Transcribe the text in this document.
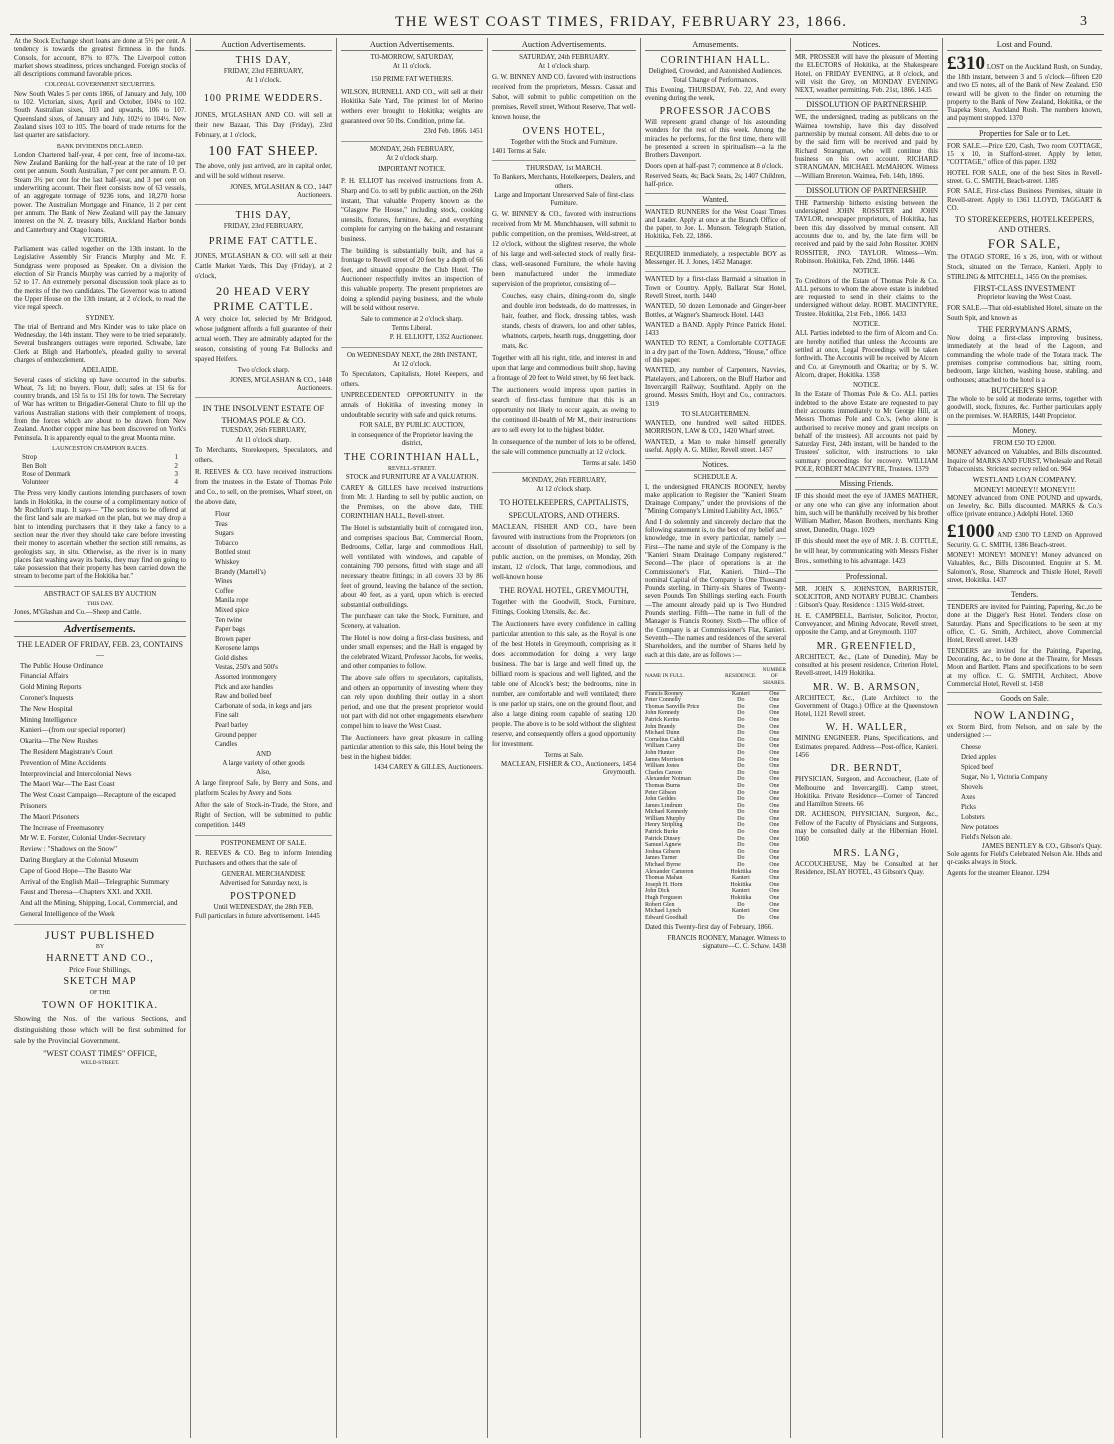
THE WEST COAST TIMES, FRIDAY, FEBRUARY 23, 1866.	3

At the Stock Exchange short loans are done at 5½ per cent. A tendency is towards the greatest firmness in the funds. Consols, for account, 87¾ to 87⅞. The Liverpool cotton market shows steadiness, prices unchanged. Foreign stocks of all descriptions command favorable prices.

COLONIAL GOVERNMENT SECURITIES.

New South Wales 5 per cents 1866, of January and July, 100 to 102. Victorian, sixes, April and October, 104¼ to 102. South Australian sixes, 103 and upwards, 106 to 107. Queensland sixes, of January and July, 102½ to 104½. New Zealand sixes 103 to 105. The board of trade returns for the last quarter are satisfactory.

BANK DIVIDENDS DECLARED.

London Chartered half-year, 4 per cent, free of income-tax. New Zealand Banking for the half-year at the rate of 10 per cent per annum. South Australian, 7 per cent per annum. P. O. Steam 3½ per cent for the last half-year, and 3 per cent on underwriting account. Their fleet consists now of 63 vessels, of an aggregate tonnage of 9236 tons, and 18,270 horse power. The Australian Mortgage and Finance, 1l 2 per cent per annum. The Bank of New Zealand will pay the January interest on the N. Z. treasury bills, Auckland Harbor bonds and Canterbury and Otago loans.

VICTORIA.

Parliament was called together on the 13th instant. In the Legislative Assembly Sir Francis Murphy and Mr. F. Sundgrass were proposed as Speaker. On a division the election of Sir Francis Murphy was carried by a majority of 52 to 17. An extremely personal discussion took place as to the merits of the two candidates. The Governor was to attend the Upper House on the 13th instant, at 2 o'clock, to read the vice regal speech.

SYDNEY.

The trial of Bertrand and Mrs Kinder was to take place on Wednesday, the 14th instant. They were to be tried separately. Several bushrangers outrages were reported. Schwabe, late Clerk at Bligh and Harbottle's, pleaded guilty to several charges of embezzlement.

ADELAIDE.

Several cases of sticking up have occurred in the suburbs. Wheat, 7s 1d; no buyers. Flour, dull; sales at 15l 6s for country brands, and 15l 5s to 15l 10s for town. The Secretary of War has written to Brigadier-General Chute to fill up the various Australian stations with their complement of troops, from the forces which are about to be drawn from New Zealand. Another copper mine has been discovered on York's Peninsula. It is apparently equal to the great Moonta mine.

LAUNCESTON CHAMPION RACES.
Strop	1
Ben Bolt	2
Rose of Denmark	3
Volunteer	4

The Press very kindly cautions intending purchasers of town lands in Hokitika, in the course of a complimentary notice of Mr Rochfort's map. It says— "The sections to be offered at the first land sale are marked on the plan, but we may drop a hint to intending purchasers that it they take a fancy to a section near the river they should take care before investing their money to ascertain whether the section still remains, as geologists say, in situ. Otherwise, as the river is in many places fast washing away its banks, they may find on going to take possession that their property has been carried down the stream to become part of the Hokitika bar."

ABSTRACT OF SALES BY AUCTION
THIS DAY.

Jones, M'Glashan and Co.—Sheep and Cattle.

Advertisements.
THE LEADER OF FRIDAY, FEB. 23, CONTAINS—
The Public House Ordinance
Financial Affairs
Gold Mining Reports
Coroner's Inquests
The New Hospital
Mining Intelligence
Kanieri—(from our special reporter)
Okarita—The New Rushes
The Resident Magistrate's Court
Prevention of Mine Accidents
Interprovincial and Intercolonial News
The Maori War—The East Coast
The West Coast Campaign—Recapture of the escaped Prisoners
The Maori Prisoners
The Increase of Freemasonry
Mr W. E. Forster, Colonial Under-Secretary
Review : "Shadows on the Snow"
Daring Burglary at the Colonial Museum
Cape of Good Hope—The Basuto War
Arrival of the English Mail—Telegraphic Summary
Faust and Theresa—Chapters XXI. and XXII.
And all the Mining, Shipping, Local, Commercial, and General Intelligence of the Week
JUST PUBLISHED
BY
HARNETT AND CO.,
Price Four Shillings,
SKETCH MAP
OF THE
TOWN OF HOKITIKA.

Showing the Nos. of the various Sections, and distinguishing those which will be first submitted for sale by the Provincial Government.

"WEST COAST TIMES" OFFICE,
WELD-STREET.
Auction Advertisements.
THIS DAY,
FRIDAY, 23rd FEBRUARY,
At 1 o'clock.
100 PRIME WEDDERS.

JONES, M'GLASHAN AND CO. will sell at their new Bazaar, This Day (Friday), 23rd February, at 1 o'clock,

100 FAT SHEEP.

The above, only just arrived, are in capital order, and will be sold without reserve.

JONES, M'GLASHAN & CO., 1447 Auctioneers.
THIS DAY,
FRIDAY, 23rd FEBRUARY,
PRIME FAT CATTLE.

JONES, M'GLASHAN & CO. will sell at their Cattle Market Yards, This Day (Friday), at 2 o'clock,

20 HEAD VERY PRIME CATTLE.

A very choice lot, selected by Mr Bridgood, whose judgment affords a full guarantee of their actual worth. They are admirably adapted for the season, consisting of young Fat Bullocks and spayed Heifers.

Two o'clock sharp.
JONES, M'GLASHAN & CO., 1448 Auctioneers.
IN THE INSOLVENT ESTATE OF THOMAS POLE & CO.
TUESDAY, 26th FEBRUARY,
At 11 o'clock sharp.

To Merchants, Storekeepers, Speculators, and others.

R. REEVES & CO. have received instructions from the trustees in the Estate of Thomas Pole and Co., to sell, on the premises, Wharf street, on the above date,

Flour
Teas
Sugars
Tobacco
Bottled stout
Whiskey
Brandy (Martell's)
Wines
Coffee
Manila rope
Mixed spice
Ten twine
Paper bags
Brown paper
Kerosene lamps
Gold dishes
Vestas, 250's and 500's
Assorted ironmongery
Pick and axe handles
Raw and boiled beef
Carbonate of soda, in kegs and jars
Fine salt
Pearl barley
Ground pepper
Candles
AND
A large variety of other goods
Also,

A large fireproof Safe, by Berry and Sons, and platform Scales by Avery and Sons

After the sale of Stock-in-Trade, the Store, and Right of Section, will be submitted to public competition. 1449

POSTPONEMENT OF SALE.

R. REEVES & CO. Beg to inform Intending Purchasers and others that the sale of

GENERAL MERCHANDISE
Advertised for Saturday next, is
POSTPONED
Until WEDNESDAY, the 28th FEB.
Full particulars in future advertisement. 1445
Auction Advertisements.
TO-MORROW, SATURDAY,
At 11 o'clock.
150 PRIME FAT WETHERS.

WILSON, BURNELL AND CO., will sell at their Hokitika Sale Yard, The primest lot of Merino wethers ever brought to Hokitika; weights are guaranteed over 50 lbs. Condition, prime fat.

23rd Feb. 1866. 1451
MONDAY, 26th FEBRUARY,
At 2 o'clock sharp.
IMPORTANT NOTICE.

P. H. ELLIOT has received instructions from A. Sharp and Co. to sell by public auction, on the 26th instant, That valuable Property known as the "Glasgow Pie House," including stock, cooking utensils, fixtures, furniture, &c., and everything complete for carrying on the baking and restaurant business.

The building is substantially built, and has a frontage to Revell street of 20 feet by a depth of 66 feet, and situated opposite the Club Hotel. The Auctioneer respectfully invites an inspection of this valuable property. The present proprietors are doing a splendid paying business, and the whole will be sold without reserve.

Sale to commence at 2 o'clock sharp.
Terms Liberal.
P. H. ELLIOTT, 1352 Auctioneer.
On WEDNESDAY NEXT, the 28th INSTANT,
At 12 o'clock.

To Speculators, Capitalists, Hotel Keepers, and others.

UNPRECEDENTED OPPORTUNITY in the annals of Hokitika of investing money in undoubtable security with safe and quick returns.

FOR SALE, BY PUBLIC AUCTION,
in consequence of the Proprietor leaving the district,
THE CORINTHIAN HALL,
REVELL-STREET.
STOCK and FURNITURE AT A VALUATION.

CAREY & GILLES have received instructions from Mr. J. Harding to sell by public auction, on the Premises, on the above date, THE CORINTHIAN HALL, Revell-street.

The Hotel is substantially built of corrugated iron, and comprises spacious Bar, Commercial Room, Bedrooms, Cellar, large and commodious Hall, well ventilated with windows, and capable of containing 700 persons, fitted with stage and all necessary theatre fittings; in all covers 33 by 86 feet of ground, leaving the balance of the section, about 40 feet, as a yard, upon which is erected substantial outbuildings.

The purchaser can take the Stock, Furniture, and Scenery, at valuation.

The Hotel is now doing a first-class business, and under small expenses; and the Hall is engaged by the celebrated Wizard, Professor Jacobs, for weeks, and other companies to follow.

The above sale offers to speculators, capitalists, and others an opportunity of investing where they can rely upon doubling their outlay in a short period, and one that the present proprietor would not part with did not other engagements elsewhere compel him to leave the West Coast.

The Auctioneers have great pleasure in calling particular attention to this sale, this Hotel being the best in the highest bidder.

1434 CAREY & GILLES, Auctioneers.
Auction Advertisements.
SATURDAY, 24th FEBRUARY.
At 1 o'clock sharp.

G. W. BINNEY AND CO. favored with instructions received from the proprietors, Messrs. Cassat and Sabot, will submit to public competition on the premises, Revell street, Without Reserve, That well-known house, the

OVENS HOTEL,
Together with the Stock and Furniture.
1401 Terms at Sale.
THURSDAY, 1st MARCH.
To Bankers, Merchants, Hotelkeepers, Dealers, and others.
Large and Important Unreserved Sale of first-class Furniture.

G. W. BINNEY & CO., favored with instructions received from Mr M. Munchhausen, will submit to public competition, on the premises, Weld-street, at 12 o'clock, without the slightest reserve, the whole of his large and well-selected stock of really first-class, well-seasoned Furniture, the whole having been manufactured under the immediate supervision of the proprietor, consisting of—

Couches, easy chairs, dining-room do, single and double iron bedsteads, do do mattresses, in hair, feather, and flock, dressing tables, wash stands, chests of drawers, loo and other tables, whatnots, carpets, hearth rugs, druggetting, door mats, &c.

Together with all his right, title, and interest in and upon that large and commodious built shop, having a frontage of 20 feet to Weld street, by 66 feet back.

The auctioneers would impress upon parties in search of first-class furniture that this is an opportunity not likely to occur again, as owing to the continued ill-health of Mr M., their instructions are to sell every lot to the highest bidder.

In consequence of the number of lots to be offered, the sale will commence punctually at 12 o'clock.

Terms at sale. 1450
MONDAY, 26th FEBRUARY,
At 12 o'clock sharp.
TO HOTELKEEPERS, CAPITALISTS, SPECULATORS, AND OTHERS.

MACLEAN, FISHER AND CO., have been favoured with instructions from the Proprietors (on account of dissolution of partnership) to sell by public auction, on the premises, on Monday, 26th instant, 12 o'clock, That large, commodious, and well-known house

THE ROYAL HOTEL, GREYMOUTH,

Together with the Goodwill, Stock, Furniture, Fittings, Cooking Utensils, &c. &c.

The Auctioneers have every confidence in calling particular attention to this sale, as the Royal is one of the best Hotels in Greymouth, comprising as it does accommodation for doing a very large business. The bar is large and well fitted up, the billiard room is spacious and well lighted, and the table one of Alcock's best; the bedrooms, nine in number, are comfortable and well ventilated; there is one parlor up stairs, one on the ground floor, and also a large dining room capable of seating 120 people. The above is to be sold without the slightest reserve, and consequently offers a good opportunity for investment.

Terms at Sale.
MACLEAN, FISHER & CO., Auctioneers, 1454 Greymouth.
Amusements.
CORINTHIAN HALL.
Delighted, Crowded, and Astonished Audiences.
Total Change of Performances.

This Evening, THURSDAY, Feb. 22, And every evening during the week,

PROFESSOR JACOBS

Will represent grand change of his astounding wonders for the rest of this week. Among the miracles he performs, for the first time, there will be presented a screen in spiritualism—a la the Brothers Davenport.

Doors open at half-past 7; commence at 8 o'clock.

Reserved Seats, 4s; Back Seats, 2s; 1407 Children, half-price.

Wanted.

WANTED RUNNERS for the West Coast Times and Leader. Apply at once at the Branch Office of the paper, to Joe. L. Munson. Telegraph Station, Hokitika, Feb. 22, 1866.

REQUIRED immediately, a respectable BOY as Messenger. H. J. Jones, 1452 Manager.

WANTED by a first-class Barmaid a situation in Town or Country. Apply, Ballarat Star Hotel, Revell Street, north. 1440

WANTED, 50 dozen Lemonade and Ginger-beer Bottles, at Wagner's Shamrock Hotel. 1443

WANTED a BAND. Apply Prince Patrick Hotel. 1433

WANTED TO RENT, a Comfortable COTTAGE in a dry part of the Town. Address, "House," office of this paper.

WANTED, any number of Carpenters, Navvies, Platelayers, and Laborers, on the Bluff Harbor and Invercargill Railway, Southland. Apply on the ground. Messrs Smith, Hoyt and Co., contractors. 1319

TO SLAUGHTERMEN.

WANTED, one hundred well salted HIDES. MORRISON, LAW & CO., 1420 Wharf street.

WANTED, a Man to make himself generally useful. Apply A. G. Miller, Revell street. 1457

Notices.
SCHEDULE A.

I, the undersigned FRANCIS ROONEY, hereby make application to Register the "Kanieri Steam Drainage Company," under the provisions of the "Mining Company's Limited Liability Act, 1865."

And I do solemnly and sincerely declare that the following statement is, to the best of my belief and knowledge, true in every particular, namely :— First—The name and style of the Company is the "Kanieri Steam Drainage Company registered." Second—The place of operations is at the Commissioner's Flat, Kanieri. Third—The nominal Capital of the Company is One Thousand Pounds sterling, in Thirty-six Shares of Twenty-seven Pounds Ten Shillings sterling each. Fourth—The amount already paid up is Two Hundred Pounds sterling. Fifth—The name in full of the Manager is Francis Rooney. Sixth—The office of the Company is at Commissioner's Flat, Kanieri. Seventh—The names and residences of the several Shareholders, and the number of Shares held by each at this date, are as follows :—

NAME IN FULL.	RESIDENCE.	NUMBER OF SHARES.
Francis Rooney	Kanieri	One
Peter Connelly	Do	One
Thomas Sanville Price	Do	One
John Kennedy	Do	One
Patrick Kerins	Do	One
John Brandy	Do	One
Michael Dunn	Do	One
Cornelius Cahill	Do	One
William Carey	Do	One
John Hunter	Do	One
James Morrison	Do	One
William Jones	Do	One
Charles Carson	Do	One
Alexander Notman	Do	One
Thomas Burns	Do	One
Peter Gibson	Do	One
John Geddes	Do	One
James Lindrum	Do	One
Michael Kennedy	Do	One
William Murphy	Do	One
Henry Stripling	Do	One
Patrick Burke	Do	One
Patrick Dinsey	Do	One
Samuel Agnew	Do	One
Joshua Gibson	Do	One
James Turner	Do	One
Michael Byrne	Do	One
Alexander Cameron	Hokitika	One
Thomas Mahan	Kanieri	One
Joseph H. Horn	Hokitika	One
John Dick	Kanieri	One
Hugh Ferguson	Hokitika	One
Robert Glen	Do	One
Michael Lynch	Kanieri	One
Edward Goodhall	Do	One

Dated this Twenty-first day of February, 1866.

FRANCIS ROONEY, Manager. Witness to signature—C. C. Schaw. 1438
Notices.

MR. PROSSER will have the pleasure of Meeting the ELECTORS of Hokitika, at the Shakespeare Hotel, on FRIDAY EVENING, at 8 o'clock, and will visit the Grey, on MONDAY EVENING NEXT, weather permitting. Feb. 21st, 1866. 1435

DISSOLUTION OF PARTNERSHIP.

WE, the undersigned, trading as publicans on the Waimea township, have this day dissolved partnership by mutual consent. All debts due to or by the said firm will be received and paid by Richard Strangman, who will continue this business on his own account. RICHARD STRANGMAN, MICHAEL McMAHON. Witness—William Brereton. Waimea, Feb. 14th, 1866.

DISSOLUTION OF PARTNERSHIP.

THE Partnership hitherto existing between the undersigned JOHN ROSSITER and JOHN TAYLOR, newspaper proprietors, of Hokitika, has been this day dissolved by mutual consent. All accounts due to, and by, the late firm will be received and paid by the said John Rossiter. JOHN ROSSITER, JNO. TAYLOR. Witness—Wm. Robinson. Hokitika, Feb. 22nd, 1866. 1446

NOTICE.

To Creditors of the Estate of Thomas Pole & Co. ALL persons to whom the above estate is indebted are requested to send in their claims to the undersigned without delay. ROBT. MACINTYRE, Trustee. Hokitika, 21st Feb., 1866. 1433

NOTICE.

ALL Parties indebted to the firm of Alcorn and Co. are hereby notified that unless the Accounts are settled at once, Legal Proceedings will be taken forthwith. The Accounts will be received by Alcorn and Co. at Greymouth and Okarita; or by S. W. Alcorn, draper, Hokitika. 1358

NOTICE.

In the Estate of Thomas Pole & Co. ALL parties indebted to the above Estate are requested to pay their accounts immediately to Mr George Hill, at Messrs Thomas Pole and Co.'s, (who alone is authorised to receive money and grant receipts on behalf of the trustees). All accounts not paid by Saturday First, 24th instant, will be handed to the Trustees' solicitor, with instructions to take summary proceedings for recovery. WILLIAM POLE, ROBERT MACINTYRE, Trustees. 1379

Missing Friends.

IF this should meet the eye of JAMES MATHER, or any one who can give any information about him, such will be thankfully received by his brother William Mather, Mason Brothers, merchants King street, Dunedin, Otago. 1029

IF this should meet the eye of MR. J. B. COTTLE, he will hear, by communicating with Messrs Fisher Bros., something to his advantage. 1423

Professional.

MR. JOHN S. JOHNSTON, BARRISTER, SOLICITOR, AND NOTARY PUBLIC. Chambers : Gibson's Quay. Residence : 1315 Weld-street.

H. E. CAMPBELL, Barrister, Solicitor, Proctor, Conveyancer, and Mining Advocate, Revell street, opposite the Camp, and at Greymouth. 1107

MR. GREENFIELD,

ARCHITECT, &c., (Late of Dunedin), May be consulted at his present residence, Criterion Hotel, Revell-street, 1419 Hokitika.

MR. W. B. ARMSON,

ARCHITECT, &c., (Late Architect to the Government of Otago.) Office at the Queenstown Hotel, 1121 Revell street.

W. H. WALLER,

MINING ENGINEER. Plans, Specifications, and Estimates prepared. Address—Post-office, Kanieri. 1456

DR. BERNDT,

PHYSICIAN, Surgeon, and Accoucheur, (Late of Melbourne and Invercargill). Camp street, Hokitika. Private Residence—Corner of Tancred and Hamilton Streets. 66

DR. ACHESON, PHYSICIAN, Surgeon, &c., Fellow of the Faculty of Physicians and Surgeons, may be consulted daily at the Hibernian Hotel. 1060

MRS. LANG,

ACCOUCHEUSE, May be Consulted at her Residence, ISLAY HOTEL, 43 Gibson's Quay.

Lost and Found.

£310 LOST on the Auckland Rush, on Sunday, the 18th instant, between 3 and 5 o'clock—fifteen £20 and two £5 notes, all of the Bank of New Zealand. £50 reward will be given to the finder on returning the property to the Bank of New Zealand, Hokitika, or the Tuapeka Store, Auckland Rush. The numbers known, and payment stopped. 1370

Properties for Sale or to Let.

FOR SALE.—Price £20, Cash, Two room COTTAGE, 15 x 10, in Stafford-street. Apply by letter, "COTTAGE," office of this paper. 1392

HOTEL FOR SALE, one of the best Sites in Revell-street. G. C. SMITH, Beach-street. 1385

FOR SALE, First-class Business Premises, situate in Revell-street. Apply to 1361 LLOYD, TAGGART & CO.

TO STOREKEEPERS, HOTELKEEPERS, AND OTHERS.
FOR SALE,

The OTAGO STORE, 16 x 26, iron, with or without Stock, situated on the Terrace, Kanieri. Apply to STIRLING & MITCHELL, 1455 On the premises.

FIRST-CLASS INVESTMENT
Proprietor leaving the West Coast.

FOR SALE.—That old-established Hotel, situate on the South Spit, and known as

THE FERRYMAN'S ARMS,

Now doing a first-class improving business, immediately at the head of the Lagoon, and commanding the whole trade of the Totara track. The premises comprise commodious bar, sitting room, bedroom, large kitchen, washing house, stabling, and outhouses; attached to the hotel is a

BUTCHER'S SHOP.

The whole to be sold at moderate terms, together with goodwill, stock, fixtures, &c. Further particulars apply on the premises. W. HARRIS, 1440 Proprietor.

Money.
FROM £50 TO £2000.

MONEY advanced on Valuables, and Bills discounted. Inquire of MARKS AND FURST, Wholesale and Retail Tobacconists. Strictest secrecy relied on. 964

WESTLAND LOAN COMPANY.
MONEY! MONEY!! MONEY!!!

MONEY advanced from ONE POUND and upwards, on Jewelry, &c. Bills discounted. MARKS & Co.'s office (private entrance.) Adelphi Hotel. 1360

£1000 AND £300 TO LEND on Approved Security. G. C. SMITH, 1386 Beach-street.

MONEY! MONEY! MONEY! Money advanced on Valuables, &c., Bills Discounted. Enquire at S. M. Salomon's, Rose, Shamrock and Thistle Hotel, Revell street, Hokitika. 1437

Tenders.

TENDERS are invited for Painting, Papering, &c.,to be done at the Digger's Rest Hotel. Tenders close on Saturday. Plans and Specifications to be seen at my office, C. G. Smith, Architect, above Commercial Hotel, Revell street. 1439

TENDERS are invited for the Painting, Papering, Decorating, &c., to be done at the Theatre, for Messrs Moon and Bartlett. Plans and specifications to be seen at my office. C. G. SMITH, Architect, Above Commercial Hotel, Revell st. 1458

Goods on Sale.
NOW LANDING,

ex Storm Bird, from Nelson, and on sale by the undersigned :—

Cheese
Dried apples
Spiced beef
Sugar, No 1, Victoria Company
Shovels
Axes
Picks
Lobsters
New potatoes
Field's Nelson ale.
JAMES BENTLEY & CO., Gibson's Quay.

Sole agents for Field's Celebrated Nelson Ale. Hhds and qr-casks always in Stock.

Agents for the steamer Eleanor. 1294
